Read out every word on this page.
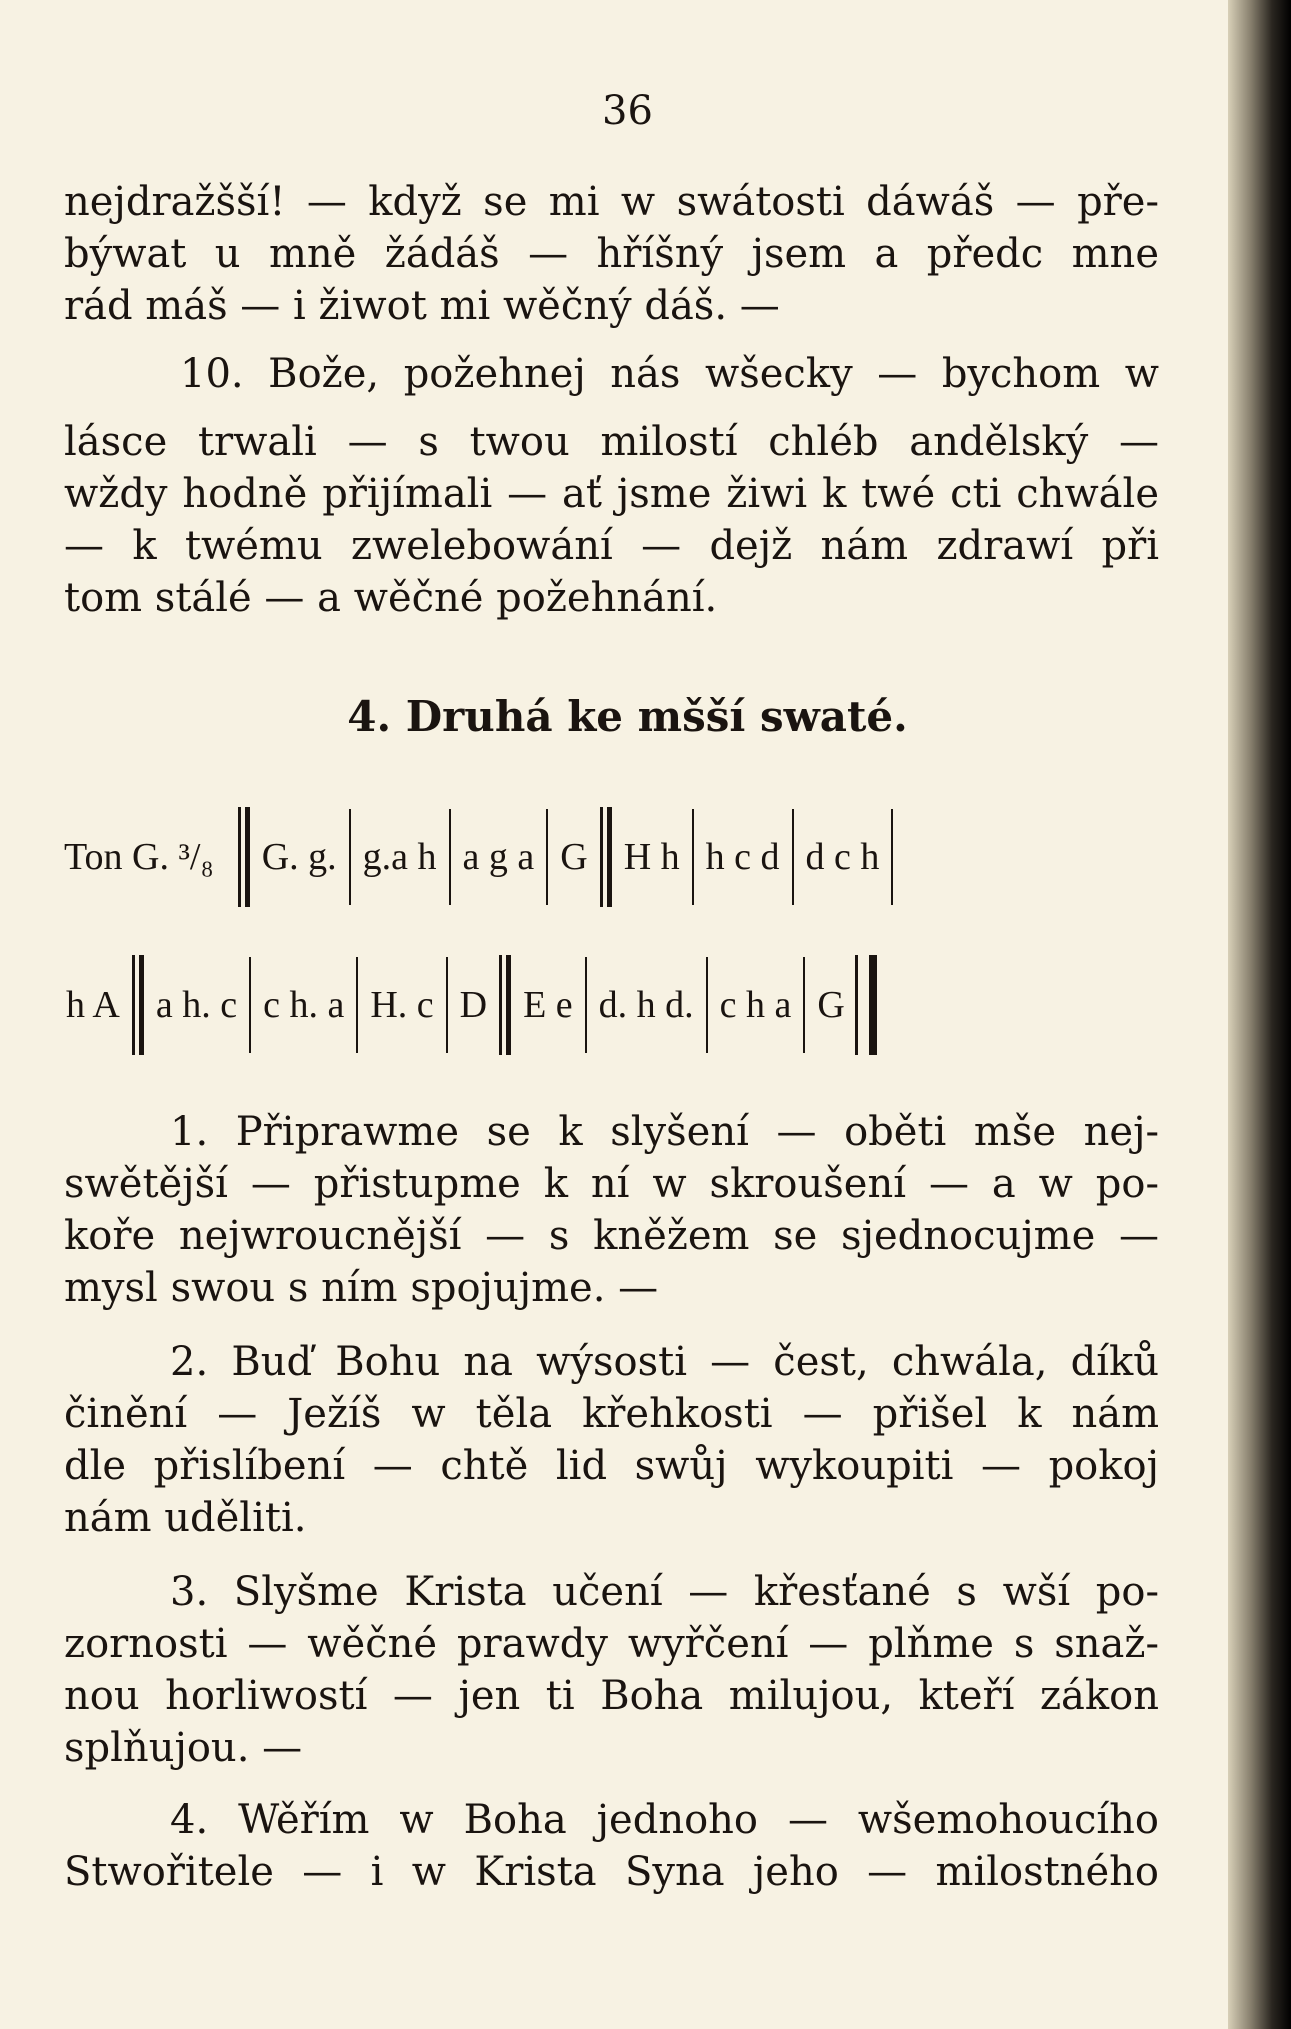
36
nejdražšší! — když se mi w swátosti dáwáš — pře-
býwat u mně žádáš — hříšný jsem a předc mne
rád máš — i žiwot mi wěčný dáš. —
10. Bože, požehnej nás wšecky — bychom w
lásce trwali — s twou milostí chléb andělský —
wždy hodně přijímali — ať jsme žiwi k twé cti chwále
— k twému zwelebowání — dejž nám zdrawí při
tom stálé — a wěčné požehnání.
4. Druhá ke mšší swaté.
Ton G. ³/₈	G. g. g.a h a g a G H h h c d d c h
h A a h. c c h. a H. c D E e d. h d. c h a G
1. Připrawme se k slyšení — oběti mše nej-
swětější — přistupme k ní w skroušení — a w po-
koře nejwroucnější — s kněžem se sjednocujme —
mysl swou s ním spojujme. —
2. Buď Bohu na wýsosti — čest, chwála, díků
činění — Ježíš w těla křehkosti — přišel k nám
dle přislíbení — chtě lid swůj wykoupiti — pokoj
nám uděliti.
3. Slyšme Krista učení — křesťané s wší po-
zornosti — wěčné prawdy wyřčení — plňme s snaž-
nou horliwostí — jen ti Boha milujou, kteří zákon
splňujou. —
4. Wěřím w Boha jednoho — wšemohoucího
Stwořitele — i w Krista Syna jeho — milostného
